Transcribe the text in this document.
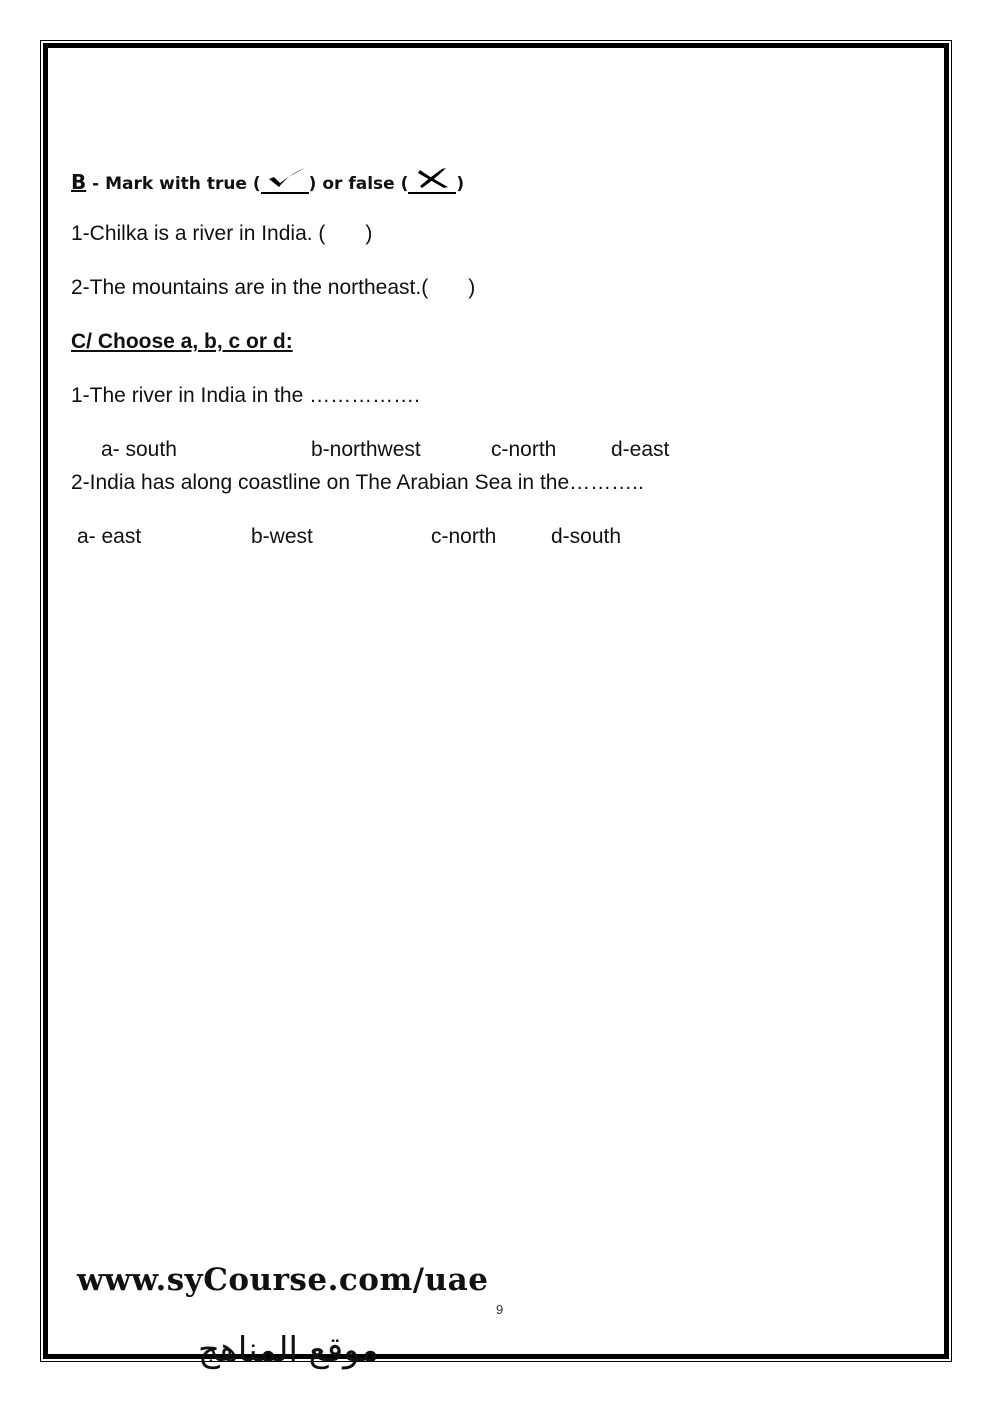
B - Mark with true (	) or false (	)
1-Chilka is a river in India. ( )
2-The mountains are in the northeast.( )
C/ Choose a, b, c or d:
1-The river in India in the …………….
a- south	b-northwest	c-north	d-east
2-India has along coastline on The Arabian Sea in the………..
a- east	b-west	c-north	d-south
www.syCourse.com/uae
9
موقع المناهج
